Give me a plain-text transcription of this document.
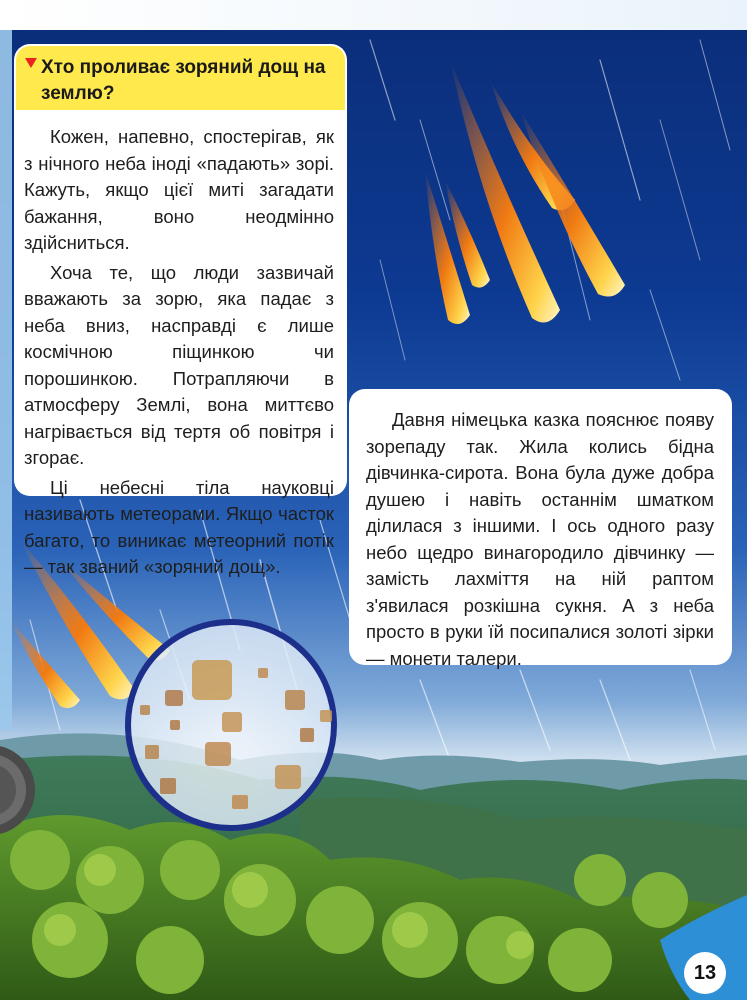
Хто проливає зоряний дощ на землю?

Кожен, напевно, спостерігав, як з нічного неба іноді «падають» зорі. Кажуть, якщо цієї миті загадати бажання, воно неодмінно здійсниться.

Хоча те, що люди зазвичай вважають за зорю, яка падає з неба вниз, насправді є лише космічною піщинкою чи порошинкою. Потрапляючи в атмосферу Землі, вона миттєво нагрівається від тертя об повітря і згорає.

Ці небесні тіла науковці називають метеорами. Якщо часток багато, то виникає метеорний потік — так званий «зоряний дощ».

Давня німецька казка пояснює появу зорепаду так. Жила колись бідна дівчинка-сирота. Вона була дуже добра душею і навіть останнім шматком ділилася з іншими. І ось одного разу небо щедро винагородило дівчинку — замість лахміття на ній раптом з'явилася розкішна сукня. А з неба просто в руки їй посипалися золоті зірки — монети талери.

13
